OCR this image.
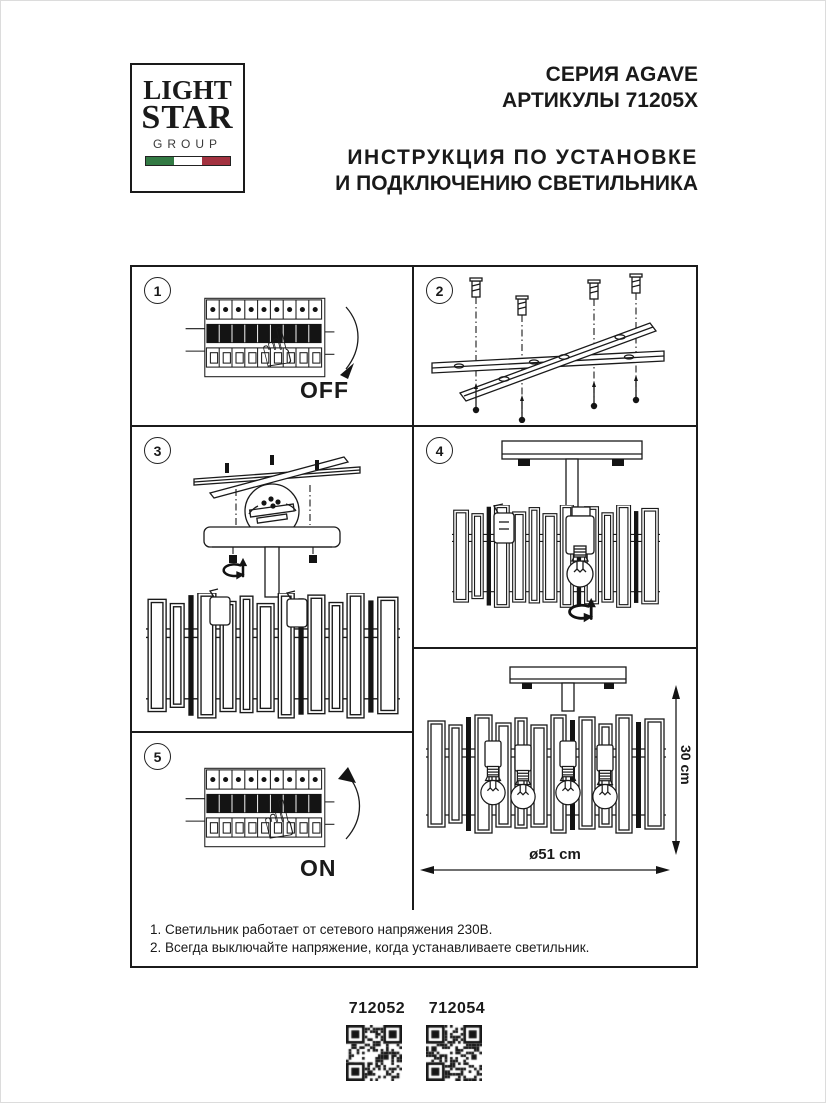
LIGHT
STAR
GROUP
СЕРИЯ AGAVE
АРТИКУЛЫ 71205X
ИНСТРУКЦИЯ ПО УСТАНОВКЕ
И ПОДКЛЮЧЕНИЮ СВЕТИЛЬНИКА
1
☝
OFF
3
5
☝
ON
2
4
30 cm
ø51 cm
1. Светильник работает от сетевого напряжения 230В.
2. Всегда выключайте напряжение, когда устанавливаете светильник.
712052 712054
